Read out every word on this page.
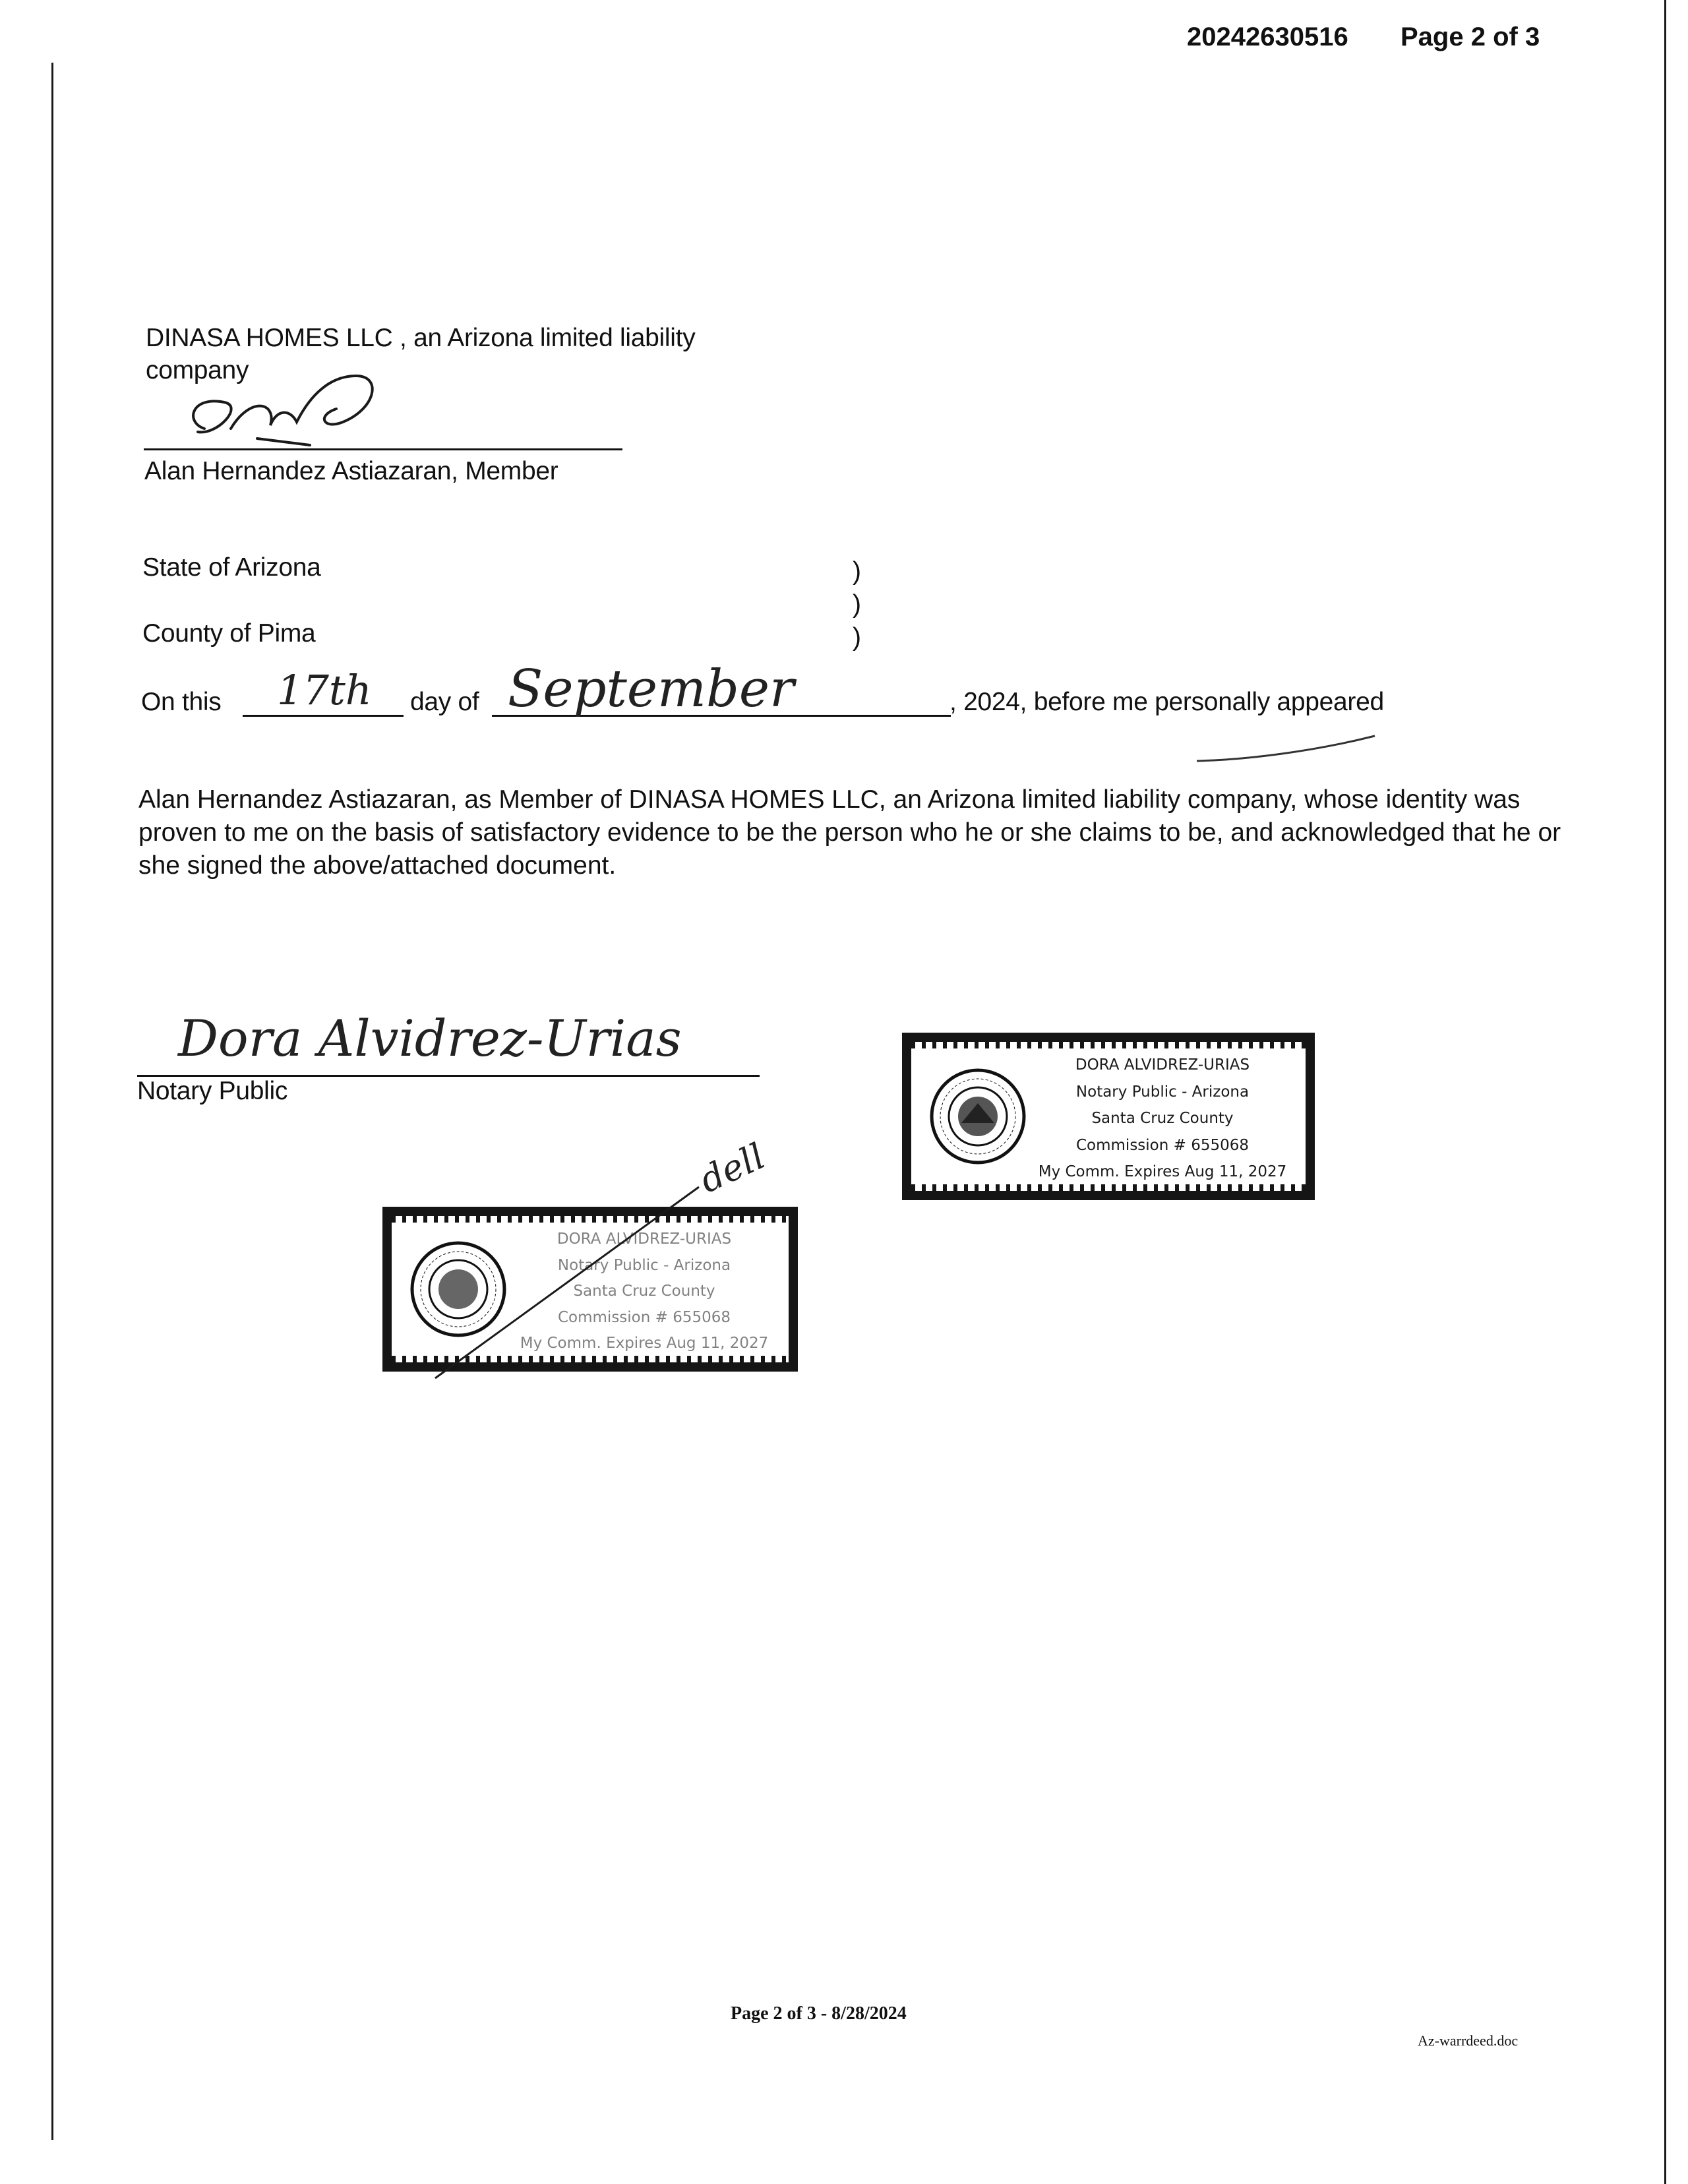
20242630516 Page 2 of 3
DINASA HOMES LLC , an Arizona limited liability
company
Alan Hernandez Astiazaran, Member
State of Arizona
County of Pima
)
)
)
On this 17th day of September	, 2024, before me personally appeared
Alan Hernandez Astiazaran, as Member of DINASA HOMES LLC, an Arizona limited liability company, whose identity was proven to me on the basis of satisfactory evidence to be the person who he or she claims to be, and acknowledged that he or she signed the above/attached document.
Dora Alvidrez-Urias
Notary Public
DORA ALVIDREZ-URIAS
Notary Public - Arizona
Santa Cruz County
Commission # 655068
My Comm. Expires Aug 11, 2027
DORA ALVIDREZ-URIAS
Notary Public - Arizona
Santa Cruz County
Commission # 655068
My Comm. Expires Aug 11, 2027
dell
Page 2 of 3 - 8/28/2024
Az-warrdeed.doc
